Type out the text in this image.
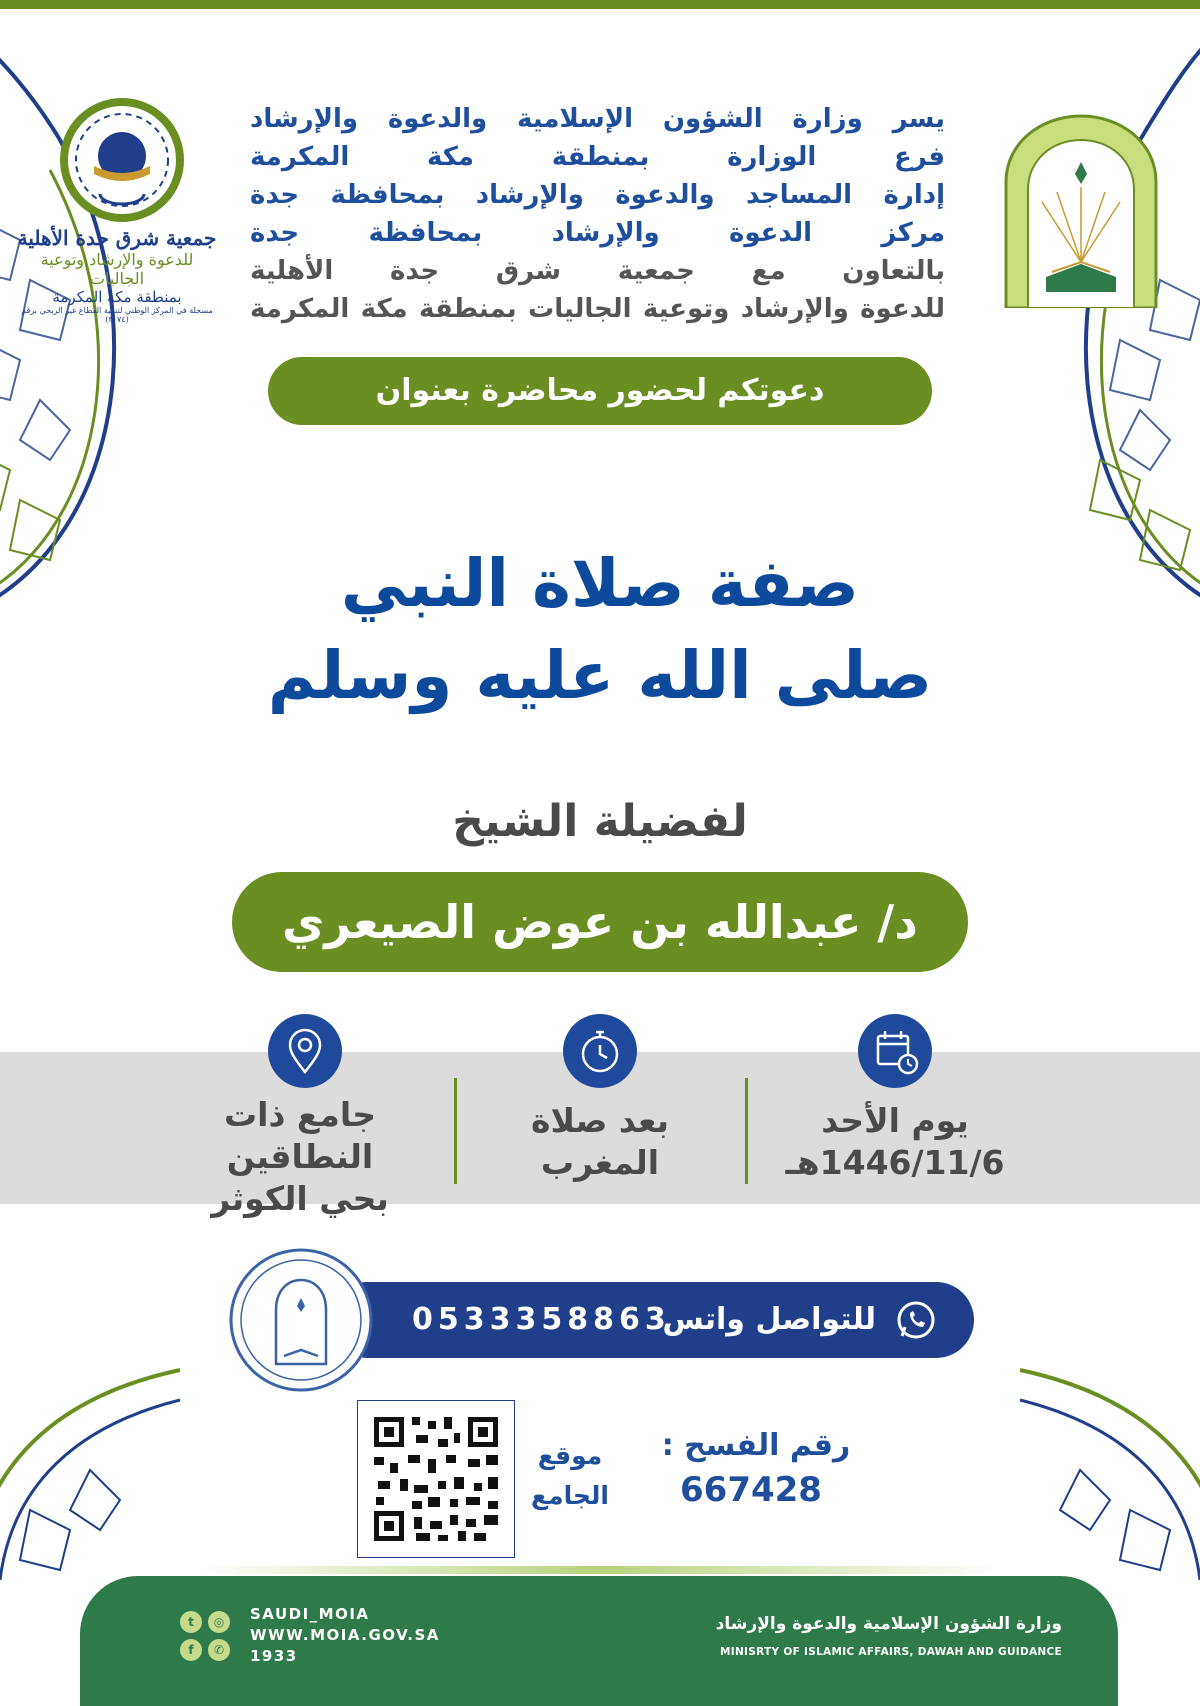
جمعية شرق جدة الأهلية
للدعوة والإرشاد وتوعية الجاليات
بمنطقة مكة المكرمة
مسجلة في المركز الوطني لتنمية القطاع غير الربحي برقم (٣٠٧٤)
يسر وزارة الشؤون الإسلامية والدعوة والإرشاد
فرع الوزارة بمنطقة مكة المكرمة
إدارة المساجد والدعوة والإرشاد بمحافظة جدة
مركز الدعوة والإرشاد بمحافظة جدة
بالتعاون مع جمعية شرق جدة الأهلية
للدعوة والإرشاد وتوعية الجاليات بمنطقة مكة المكرمة
دعوتكم لحضور محاضرة بعنوان
صفة صلاة النبي
صلى الله عليه وسلم
لفضيلة الشيخ
د/ عبدالله بن عوض الصيعري
يوم الأحد
1446/11/6هـ
بعد صلاة
المغرب
جامع ذات النطاقين
بحي الكوثر
للتواصل واتس
0533358863
موقع
الجامع
رقم الفسح :
667428
t	◎
f	✆
SAUDI_MOIA
WWW.MOIA.GOV.SA
1933
وزارة الشؤون الإسلامية والدعوة والإرشاد
MINISRTY OF ISLAMIC AFFAIRS, DAWAH AND GUIDANCE
